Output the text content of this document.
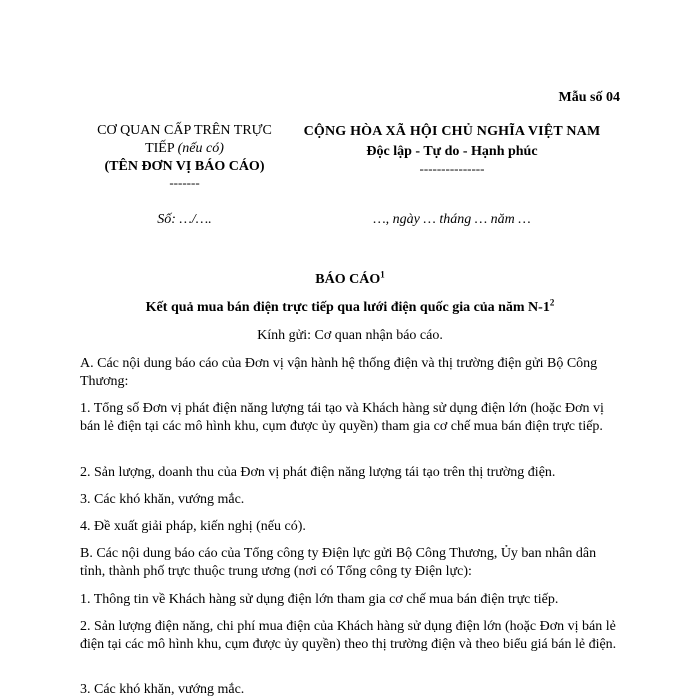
Mẫu số 04
CƠ QUAN CẤP TRÊN TRỰC
TIẾP (nếu có)
(TÊN ĐƠN VỊ BÁO CÁO)
-------
CỘNG HÒA XÃ HỘI CHỦ NGHĨA VIỆT NAM
Độc lập - Tự do - Hạnh phúc
---------------
Số: …/….	…, ngày … tháng … năm …
BÁO CÁO$^1$
Kết quả mua bán điện trực tiếp qua lưới điện quốc gia của năm $N-1^2$
Kính gửi: Cơ quan nhận báo cáo.
A. Các nội dung báo cáo của Đơn vị vận hành hệ thống điện và thị trường điện gửi Bộ Công Thương:
1. Tổng số Đơn vị phát điện năng lượng tái tạo và Khách hàng sử dụng điện lớn (hoặc Đơn vị bán lẻ điện tại các mô hình khu, cụm được ủy quyền) tham gia cơ chế mua bán điện trực tiếp.
2. Sản lượng, doanh thu của Đơn vị phát điện năng lượng tái tạo trên thị trường điện.
3. Các khó khăn, vướng mắc.
4. Đề xuất giải pháp, kiến nghị (nếu có).
B. Các nội dung báo cáo của Tổng công ty Điện lực gửi Bộ Công Thương, Ủy ban nhân dân tỉnh, thành phố trực thuộc trung ương (nơi có Tổng công ty Điện lực):
1. Thông tin về Khách hàng sử dụng điện lớn tham gia cơ chế mua bán điện trực tiếp.
2. Sản lượng điện năng, chi phí mua điện của Khách hàng sử dụng điện lớn (hoặc Đơn vị bán lẻ điện tại các mô hình khu, cụm được ủy quyền) theo thị trường điện và theo biểu giá bán lẻ điện.
3. Các khó khăn, vướng mắc.
